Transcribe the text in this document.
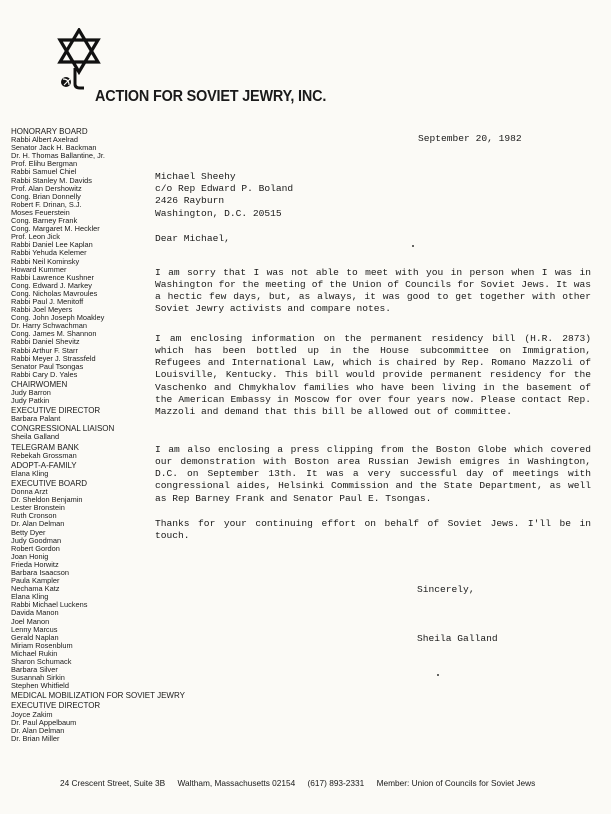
ACTION FOR SOVIET JEWRY, INC.
HONORARY BOARD
Rabbi Albert Axelrad
Senator Jack H. Backman
Dr. H. Thomas Ballantine, Jr.
Prof. Elihu Bergman
Rabbi Samuel Chiel
Rabbi Stanley M. Davids
Prof. Alan Dershowitz
Cong. Brian Donnelly
Robert F. Drinan, S.J.
Moses Feuerstein
Cong. Barney Frank
Cong. Margaret M. Heckler
Prof. Leon Jick
Rabbi Daniel Lee Kaplan
Rabbi Yehuda Kelemer
Rabbi Neil Kominsky
Howard Kummer
Rabbi Lawrence Kushner
Cong. Edward J. Markey
Cong. Nicholas Mavroules
Rabbi Paul J. Menitoff
Rabbi Joel Meyers
Cong. John Joseph Moakley
Dr. Harry Schwachman
Cong. James M. Shannon
Rabbi Daniel Shevitz
Rabbi Arthur F. Starr
Rabbi Meyer J. Strassfeld
Senator Paul Tsongas
Rabbi Cary D. Yales
CHAIRWOMEN
Judy Barron
Judy Patkin
EXECUTIVE DIRECTOR
Barbara Palant
CONGRESSIONAL LIAISON
Sheila Galland
TELEGRAM BANK
Rebekah Grossman
ADOPT-A-FAMILY
Elana Kling
EXECUTIVE BOARD
Donna Arzt
Dr. Sheldon Benjamin
Lester Bronstein
Ruth Cronson
Dr. Alan Delman
Betty Dyer
Judy Goodman
Robert Gordon
Joan Honig
Frieda Horwitz
Barbara Isaacson
Paula Kampler
Nechama Katz
Elana Kling
Rabbi Michael Luckens
Davida Manon
Joel Manon
Lenny Marcus
Gerald Naplan
Miriam Rosenblum
Michael Rukin
Sharon Schumack
Barbara Silver
Susannah Sirkin
Stephen Whitfield
MEDICAL MOBILIZATION FOR SOVIET JEWRY
EXECUTIVE DIRECTOR
Joyce Zakim
Dr. Paul Appelbaum
Dr. Alan Delman
Dr. Brian Miller
September 20, 1982
Michael Sheehy
c/o Rep Edward P. Boland
2426 Rayburn
Washington, D.C. 20515
Dear Michael,

I am sorry that I was not able to meet with you in person when I was in Washington for the meeting of the Union of Councils for Soviet Jews. It was a hectic few days, but, as always, it was good to get together with other Soviet Jewry activists and compare notes.

I am enclosing information on the permanent residency bill (H.R. 2873) which has been bottled up in the House subcommittee on Immigration, Refugees and International Law, which is chaired by Rep. Romano Mazzoli of Louisville, Kentucky. This bill would provide permanent residency for the Vaschenko and Chmykhalov families who have been living in the basement of the American Embassy in Moscow for over four years now. Please contact Rep. Mazzoli and demand that this bill be allowed out of committee.

I am also enclosing a press clipping from the Boston Globe which covered our demonstration with Boston area Russian Jewish emigres in Washington, D.C. on September 13th. It was a very successful day of meetings with congressional aides, Helsinki Commission and the State Department, as well as Rep Barney Frank and Senator Paul E. Tsongas.

Thanks for your continuing effort on behalf of Soviet Jews. I'll be in touch.

Sincerely,
Sheila Galland
24 Crescent Street, Suite 3B Waltham, Massachusetts 02154 (617) 893-2331 Member: Union of Councils for Soviet Jews
